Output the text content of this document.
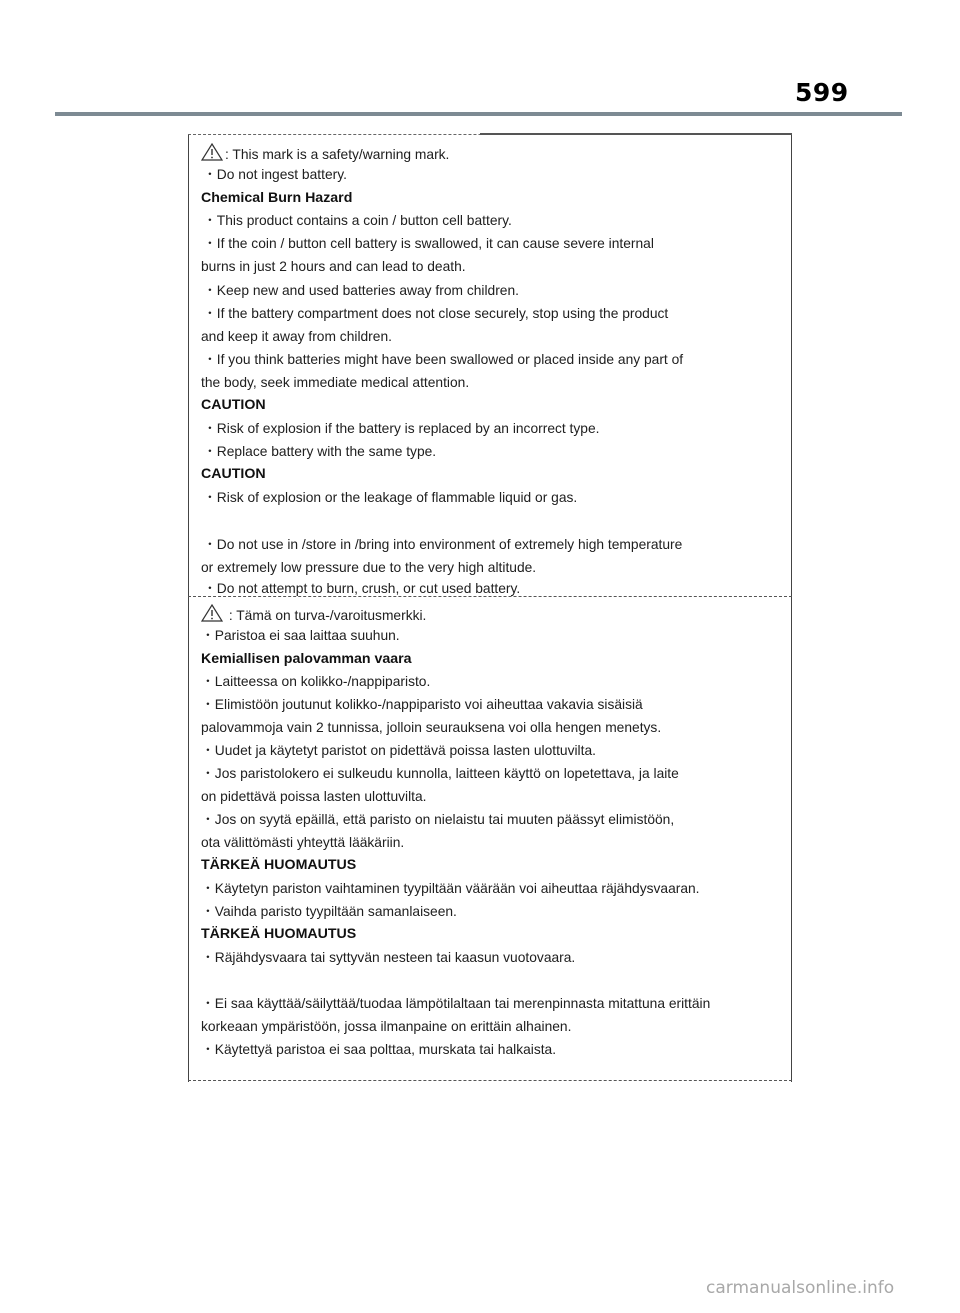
599
: This mark is a safety/warning mark.
・Do not ingest battery.
Chemical Burn Hazard
・This product contains a coin / button cell battery.
・If the coin / button cell battery is swallowed, it can cause severe internal
burns in just 2 hours and can lead to death.
・Keep new and used batteries away from children.
・If the battery compartment does not close securely, stop using the product
and keep it away from children.
・If you think batteries might have been swallowed or placed inside any part of
the body, seek immediate medical attention.
CAUTION
・Risk of explosion if the battery is replaced by an incorrect type.
・Replace battery with the same type.
CAUTION
・Risk of explosion or the leakage of flammable liquid or gas.
・Do not use in /store in /bring into environment of extremely high temperature
or extremely low pressure due to the very high altitude.
・Do not attempt to burn, crush, or cut used battery.
: Tämä on turva-/varoitusmerkki.
・Paristoa ei saa laittaa suuhun.
Kemiallisen palovamman vaara
・Laitteessa on kolikko-/nappiparisto.
・Elimistöön joutunut kolikko-/nappiparisto voi aiheuttaa vakavia sisäisiä
palovammoja vain 2 tunnissa, jolloin seurauksena voi olla hengen menetys.
・Uudet ja käytetyt paristot on pidettävä poissa lasten ulottuvilta.
・Jos paristolokero ei sulkeudu kunnolla, laitteen käyttö on lopetettava, ja laite
on pidettävä poissa lasten ulottuvilta.
・Jos on syytä epäillä, että paristo on nielaistu tai muuten päässyt elimistöön,
ota välittömästi yhteyttä lääkäriin.
TÄRKEÄ HUOMAUTUS
・Käytetyn pariston vaihtaminen tyypiltään väärään voi aiheuttaa räjähdysvaaran.
・Vaihda paristo tyypiltään samanlaiseen.
TÄRKEÄ HUOMAUTUS
・Räjähdysvaara tai syttyvän nesteen tai kaasun vuotovaara.
・Ei saa käyttää/säilyttää/tuodaa lämpötilaltaan tai merenpinnasta mitattuna erittäin
korkeaan ympäristöön, jossa ilmanpaine on erittäin alhainen.
・Käytettyä paristoa ei saa polttaa, murskata tai halkaista.
carmanualsonline.info
